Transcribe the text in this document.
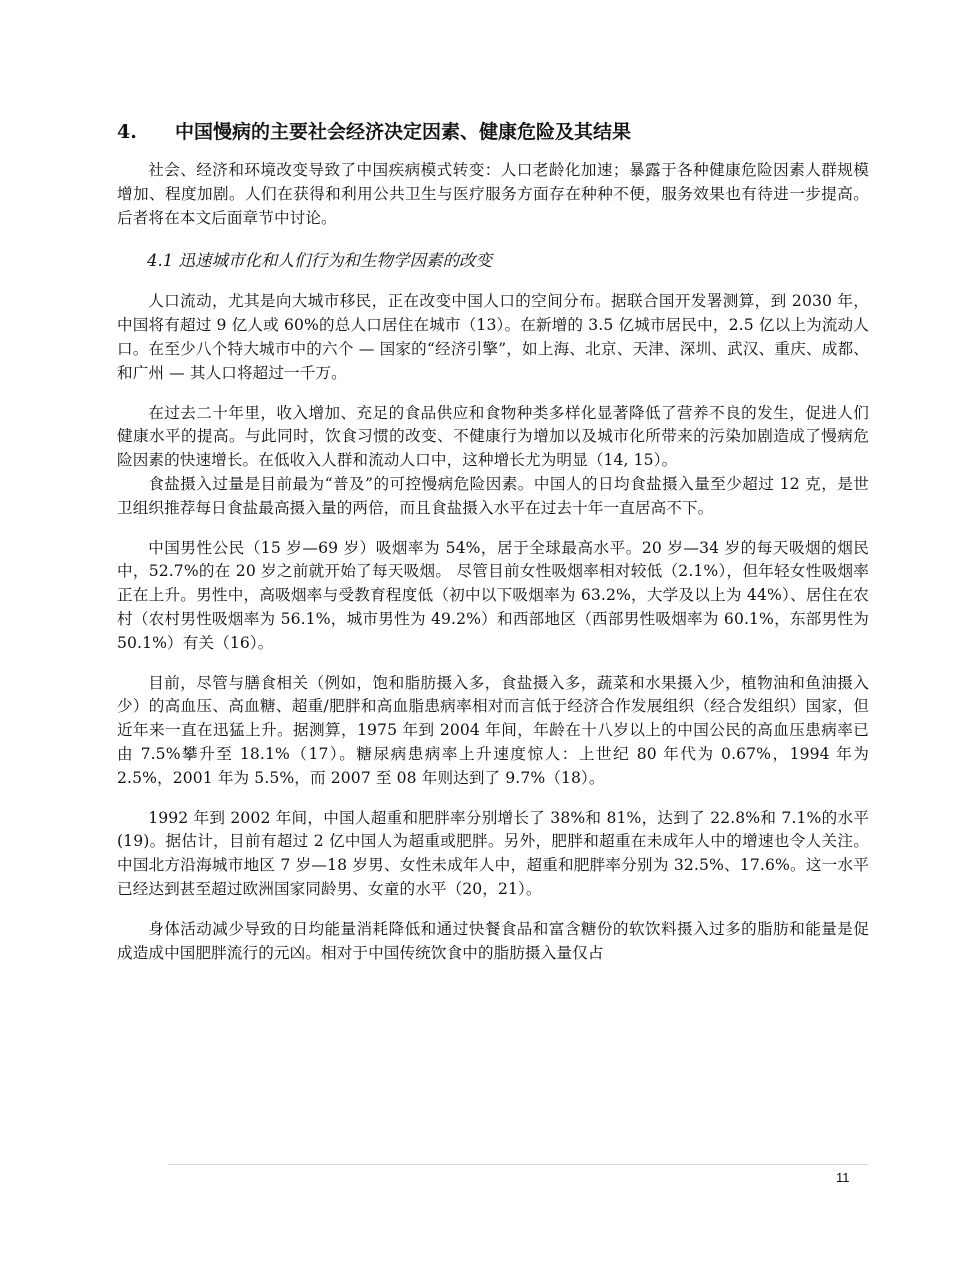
4.	中国慢病的主要社会经济决定因素、健康危险及其结果

社会、经济和环境改变导致了中国疾病模式转变：人口老龄化加速；暴露于各种健康危险因素人群规模增加、程度加剧。人们在获得和利用公共卫生与医疗服务方面存在种种不便，服务效果也有待进一步提高。后者将在本文后面章节中讨论。

4.1 迅速城市化和人们行为和生物学因素的改变

人口流动，尤其是向大城市移民，正在改变中国人口的空间分布。据联合国开发署测算，到 2030 年，中国将有超过 9 亿人或 60%的总人口居住在城市（13）。在新增的 3.5 亿城市居民中，2.5 亿以上为流动人口。在至少八个特大城市中的六个 — 国家的“经济引擎”，如上海、北京、天津、深圳、武汉、重庆、成都、和广州 — 其人口将超过一千万。

在过去二十年里，收入增加、充足的食品供应和食物种类多样化显著降低了营养不良的发生，促进人们健康水平的提高。与此同时，饮食习惯的改变、不健康行为增加以及城市化所带来的污染加剧造成了慢病危险因素的快速增长。在低收入人群和流动人口中，这种增长尤为明显（14, 15）。

食盐摄入过量是目前最为“普及”的可控慢病危险因素。中国人的日均食盐摄入量至少超过 12 克，是世卫组织推荐每日食盐最高摄入量的两倍，而且食盐摄入水平在过去十年一直居高不下。

中国男性公民（15 岁—69 岁）吸烟率为 54%，居于全球最高水平。20 岁—34 岁的每天吸烟的烟民中，52.7%的在 20 岁之前就开始了每天吸烟。 尽管目前女性吸烟率相对较低（2.1%），但年轻女性吸烟率正在上升。男性中，高吸烟率与受教育程度低（初中以下吸烟率为 63.2%，大学及以上为 44%）、居住在农村（农村男性吸烟率为 56.1%，城市男性为 49.2%）和西部地区（西部男性吸烟率为 60.1%，东部男性为 50.1%）有关（16）。

目前，尽管与膳食相关（例如，饱和脂肪摄入多，食盐摄入多，蔬菜和水果摄入少，植物油和鱼油摄入少）的高血压、高血糖、超重/肥胖和高血脂患病率相对而言低于经济合作发展组织（经合发组织）国家，但近年来一直在迅猛上升。据测算，1975 年到 2004 年间，年龄在十八岁以上的中国公民的高血压患病率已由 7.5%攀升至 18.1%（17）。糖尿病患病率上升速度惊人：上世纪 80 年代为 0.67%，1994 年为 2.5%，2001 年为 5.5%，而 2007 至 08 年则达到了 9.7%（18）。

1992 年到 2002 年间，中国人超重和肥胖率分别增长了 38%和 81%，达到了 22.8%和 7.1%的水平 (19)。据估计，目前有超过 2 亿中国人为超重或肥胖。另外，肥胖和超重在未成年人中的增速也令人关注。中国北方沿海城市地区 7 岁—18 岁男、女性未成年人中，超重和肥胖率分别为 32.5%、17.6%。这一水平已经达到甚至超过欧洲国家同龄男、女童的水平（20，21）。

身体活动减少导致的日均能量消耗降低和通过快餐食品和富含糖份的软饮料摄入过多的脂肪和能量是促成造成中国肥胖流行的元凶。相对于中国传统饮食中的脂肪摄入量仅占

11
